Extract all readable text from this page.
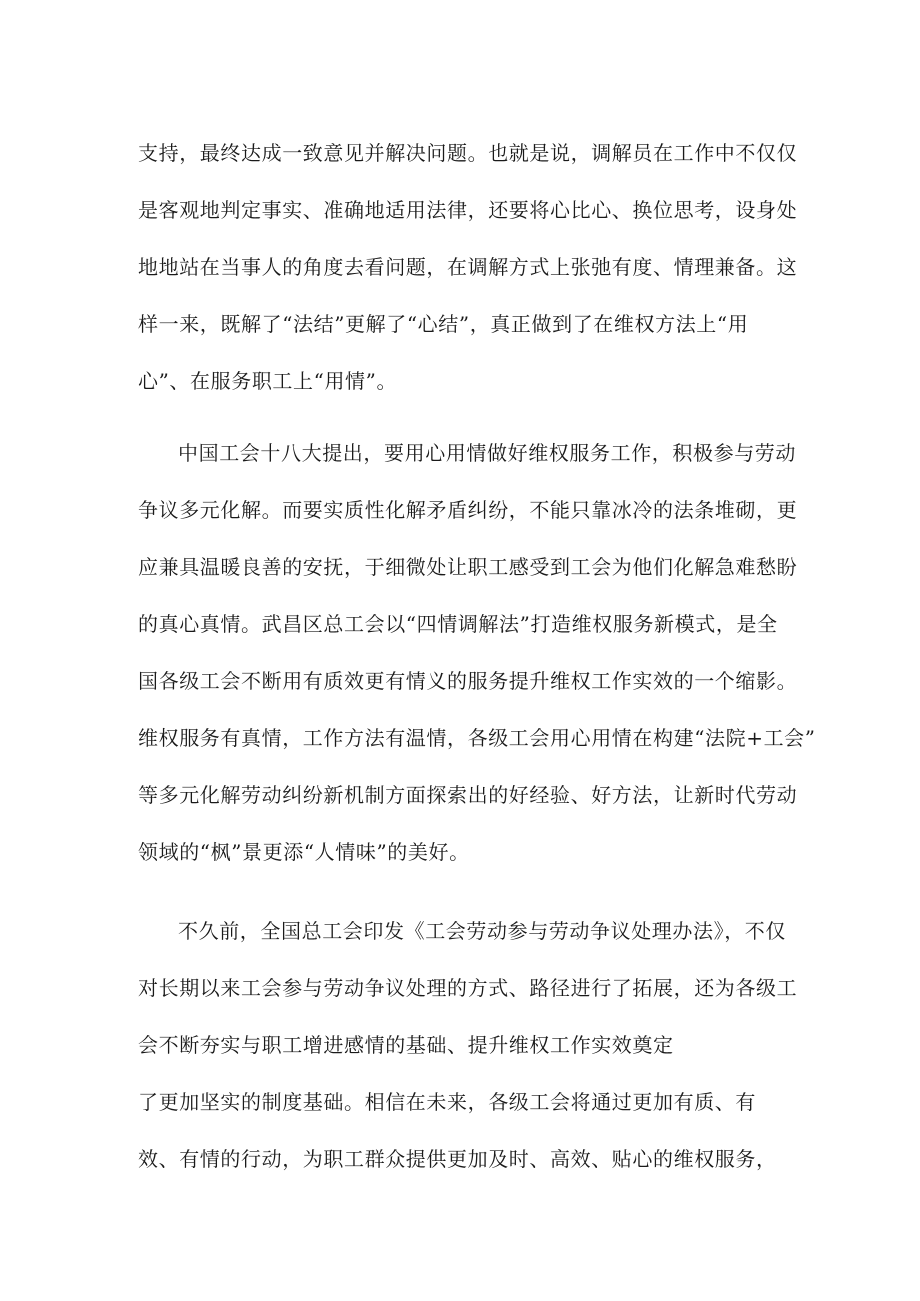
支持，最终达成一致意见并解决问题。也就是说，调解员在工作中不仅仅
是客观地判定事实、准确地适用法律，还要将心比心、换位思考，设身处
地地站在当事人的角度去看问题，在调解方式上张弛有度、情理兼备。这
样一来，既解了“法结”更解了“心结”，真正做到了在维权方法上“用
心”、在服务职工上“用情”。
中国工会十八大提出，要用心用情做好维权服务工作，积极参与劳动
争议多元化解。而要实质性化解矛盾纠纷，不能只靠冰冷的法条堆砌，更
应兼具温暖良善的安抚，于细微处让职工感受到工会为他们化解急难愁盼
的真心真情。武昌区总工会以“四情调解法”打造维权服务新模式，是全
国各级工会不断用有质效更有情义的服务提升维权工作实效的一个缩影。
维权服务有真情，工作方法有温情，各级工会用心用情在构建“法院+工会”
等多元化解劳动纠纷新机制方面探索出的好经验、好方法，让新时代劳动
领域的“枫”景更添“人情味”的美好。
不久前，全国总工会印发《工会劳动参与劳动争议处理办法》，不仅
对长期以来工会参与劳动争议处理的方式、路径进行了拓展，还为各级工
会不断夯实与职工增进感情的基础、提升维权工作实效奠定
了更加坚实的制度基础。相信在未来，各级工会将通过更加有质、有
效、有情的行动，为职工群众提供更加及时、高效、贴心的维权服务，
